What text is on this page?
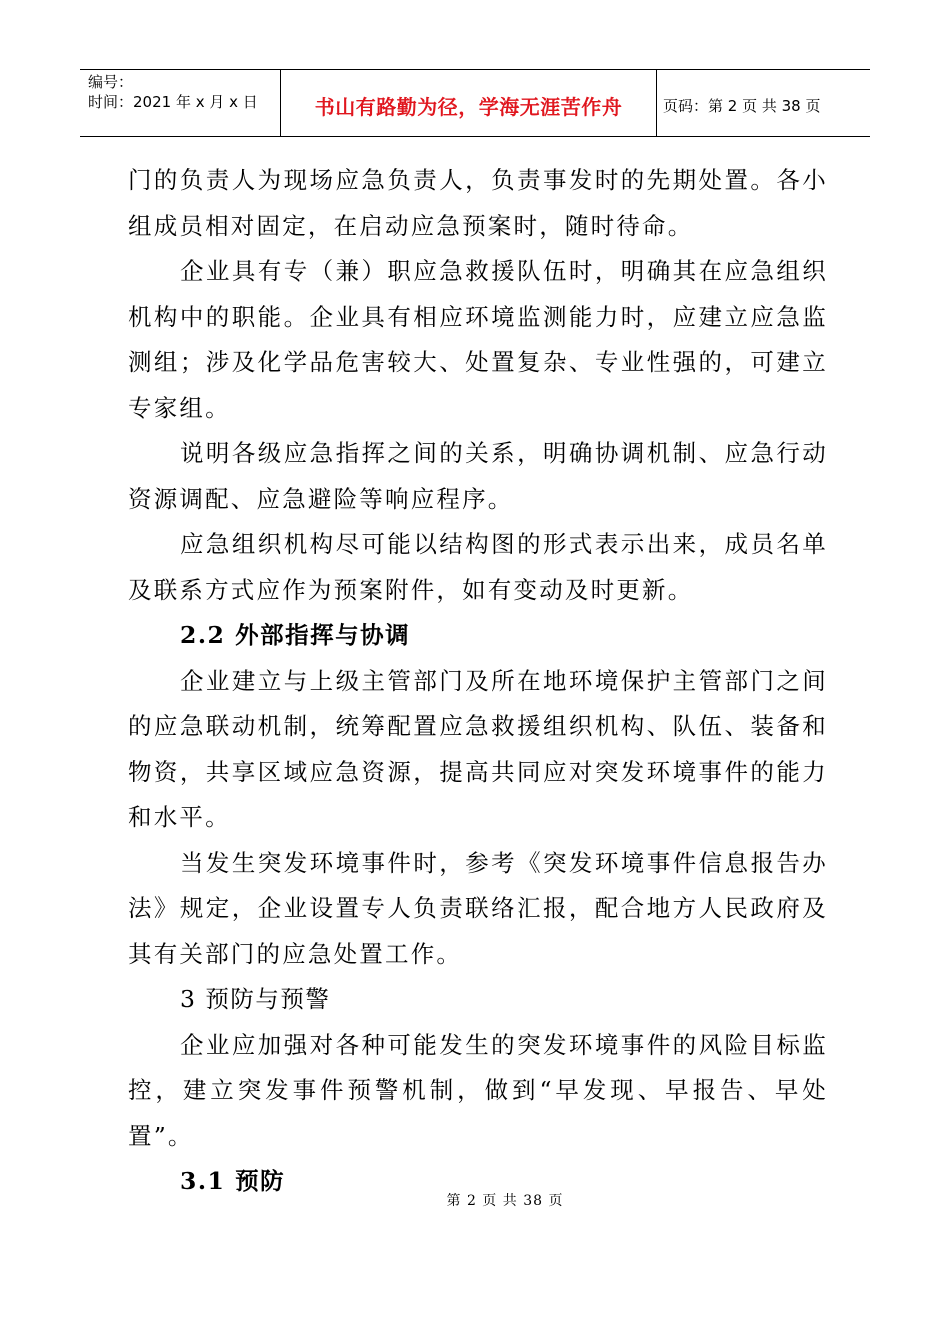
编号：
时间：2021 年 x 月 x 日	书山有路勤为径，学海无涯苦作舟	页码：第 2 页 共 38 页

门的负责人为现场应急负责人，负责事发时的先期处置。各小组成员相对固定，在启动应急预案时，随时待命。

企业具有专（兼）职应急救援队伍时，明确其在应急组织机构中的职能。企业具有相应环境监测能力时，应建立应急监测组；涉及化学品危害较大、处置复杂、专业性强的，可建立专家组。

说明各级应急指挥之间的关系，明确协调机制、应急行动资源调配、应急避险等响应程序。

应急组织机构尽可能以结构图的形式表示出来，成员名单及联系方式应作为预案附件，如有变动及时更新。

2.2 外部指挥与协调

企业建立与上级主管部门及所在地环境保护主管部门之间的应急联动机制，统筹配置应急救援组织机构、队伍、装备和物资，共享区域应急资源，提高共同应对突发环境事件的能力和水平。

当发生突发环境事件时，参考《突发环境事件信息报告办法》规定，企业设置专人负责联络汇报，配合地方人民政府及其有关部门的应急处置工作。

3 预防与预警

企业应加强对各种可能发生的突发环境事件的风险目标监控，建立突发事件预警机制，做到“早发现、早报告、早处置”。

3.1 预防

第 2 页 共 38 页
